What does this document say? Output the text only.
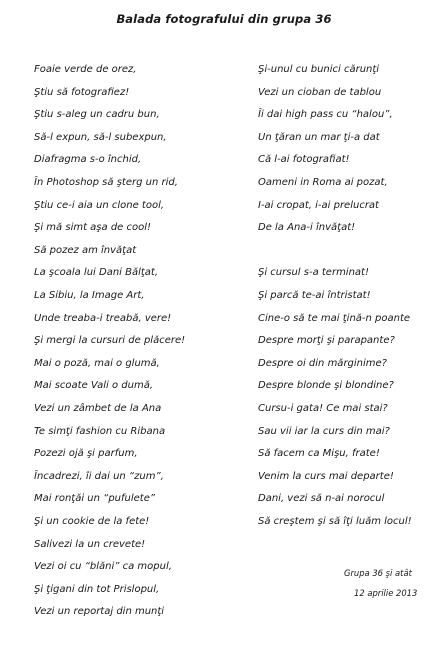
Balada fotografului din grupa 36
Foaie verde de orez,
Ştiu să fotografiez!
Ştiu s-aleg un cadru bun,
Să-l expun, să-l subexpun,
Diafragma s-o închid,
În Photoshop să şterg un rid,
Ştiu ce-i aia un clone tool,
Şi mă simt aşa de cool!
Să pozez am învăţat
La şcoala lui Dani Bălţat,
La Sibiu, la Image Art,
Unde treaba-i treabă, vere!
Şi mergi la cursuri de plăcere!
Mai o poză, mai o glumă,
Mai scoate Vali o dumă,
Vezi un zâmbet de la Ana
Te simţi fashion cu Ribana
Pozezi ojă şi parfum,
Încadrezi, îi dai un “zum”,
Mai ronţăi un “pufulete”
Şi un cookie de la fete!
Salivezi la un crevete!
Vezi oi cu “blăni” ca mopul,
Şi ţigani din tot Prislopul,
Vezi un reportaj din munţi
Şi-unul cu bunici cărunţi
Vezi un cioban de tablou
Îi dai high pass cu “halou”,
Un ţăran un mar ţi-a dat
Că l-ai fotografiat!
Oameni in Roma ai pozat,
I-ai cropat, i-ai prelucrat
De la Ana-i învăţat!
Şi cursul s-a terminat!
Şi parcă te-ai întristat!
Cine-o să te mai ţină-n poante
Despre morţi şi parapante?
Despre oi din mărginime?
Despre blonde şi blondine?
Cursu-i gata! Ce mai stai?
Sau vii iar la curs din mai?
Să facem ca Mişu, frate!
Venim la curs mai departe!
Dani, vezi să n-ai norocul
Să creştem şi să îţi luăm locul!
Grupa 36 şi atât
12 aprilie 2013
